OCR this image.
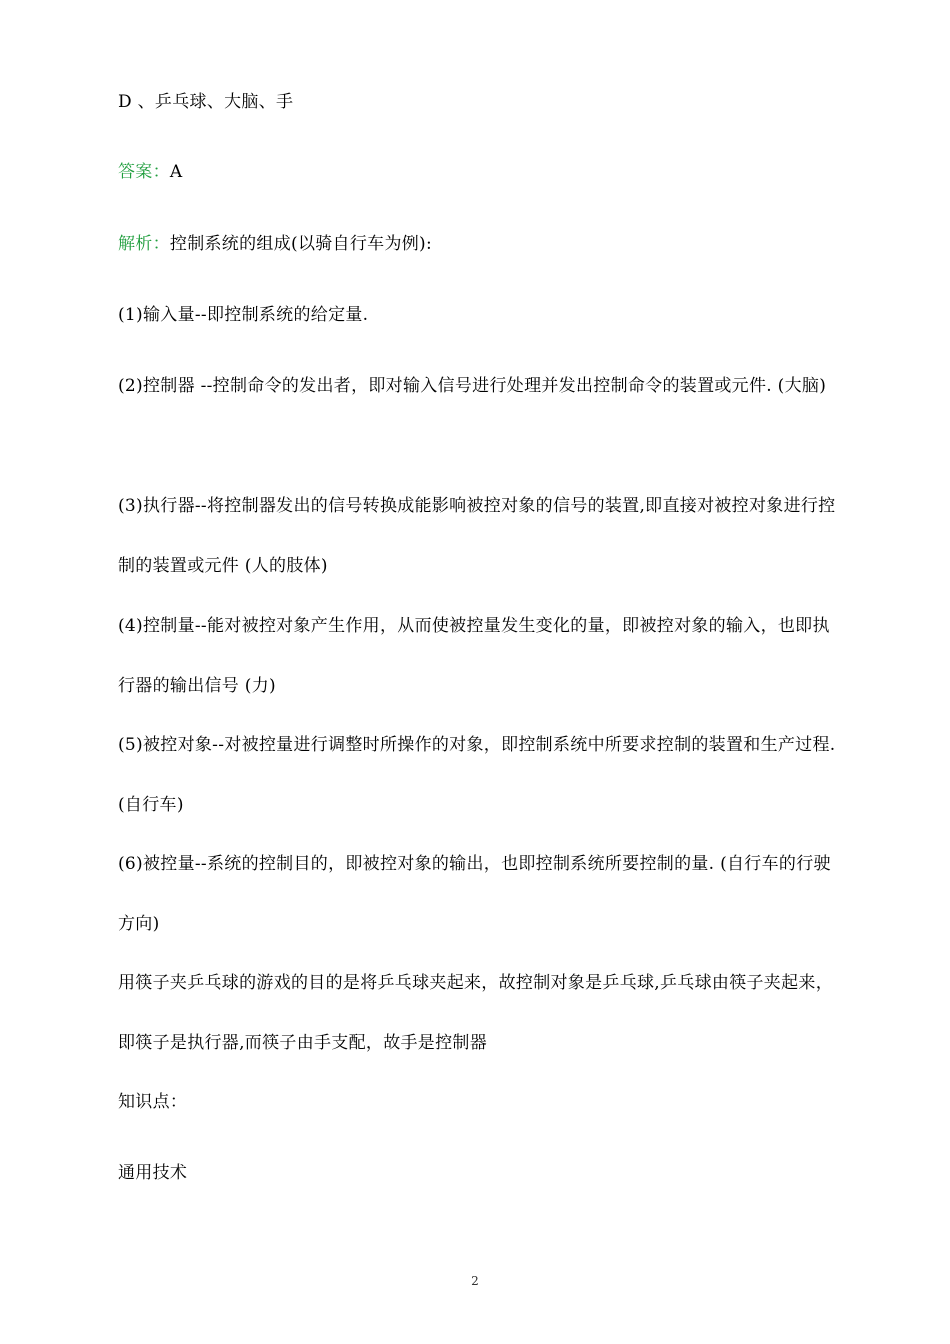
D 、乒乓球、大脑、手

答案：A

解析：控制系统的组成(以骑自行车为例):

(1)输入量--即控制系统的给定量.

(2)控制器 --控制命令的发出者，即对输入信号进行处理并发出控制命令的装置或元件. (大脑)

(3)执行器--将控制器发出的信号转换成能影响被控对象的信号的装置,即直接对被控对象进行控制的装置或元件 (人的肢体)

(4)控制量--能对被控对象产生作用，从而使被控量发生变化的量，即被控对象的输入，也即执行器的输出信号 (力)

(5)被控对象--对被控量进行调整时所操作的对象，即控制系统中所要求控制的装置和生产过程. (自行车)

(6)被控量--系统的控制目的，即被控对象的输出，也即控制系统所要控制的量. (自行车的行驶方向)

用筷子夹乒乓球的游戏的目的是将乒乓球夹起来，故控制对象是乒乓球,乒乓球由筷子夹起来，即筷子是执行器,而筷子由手支配，故手是控制器

知识点：

通用技术

2
